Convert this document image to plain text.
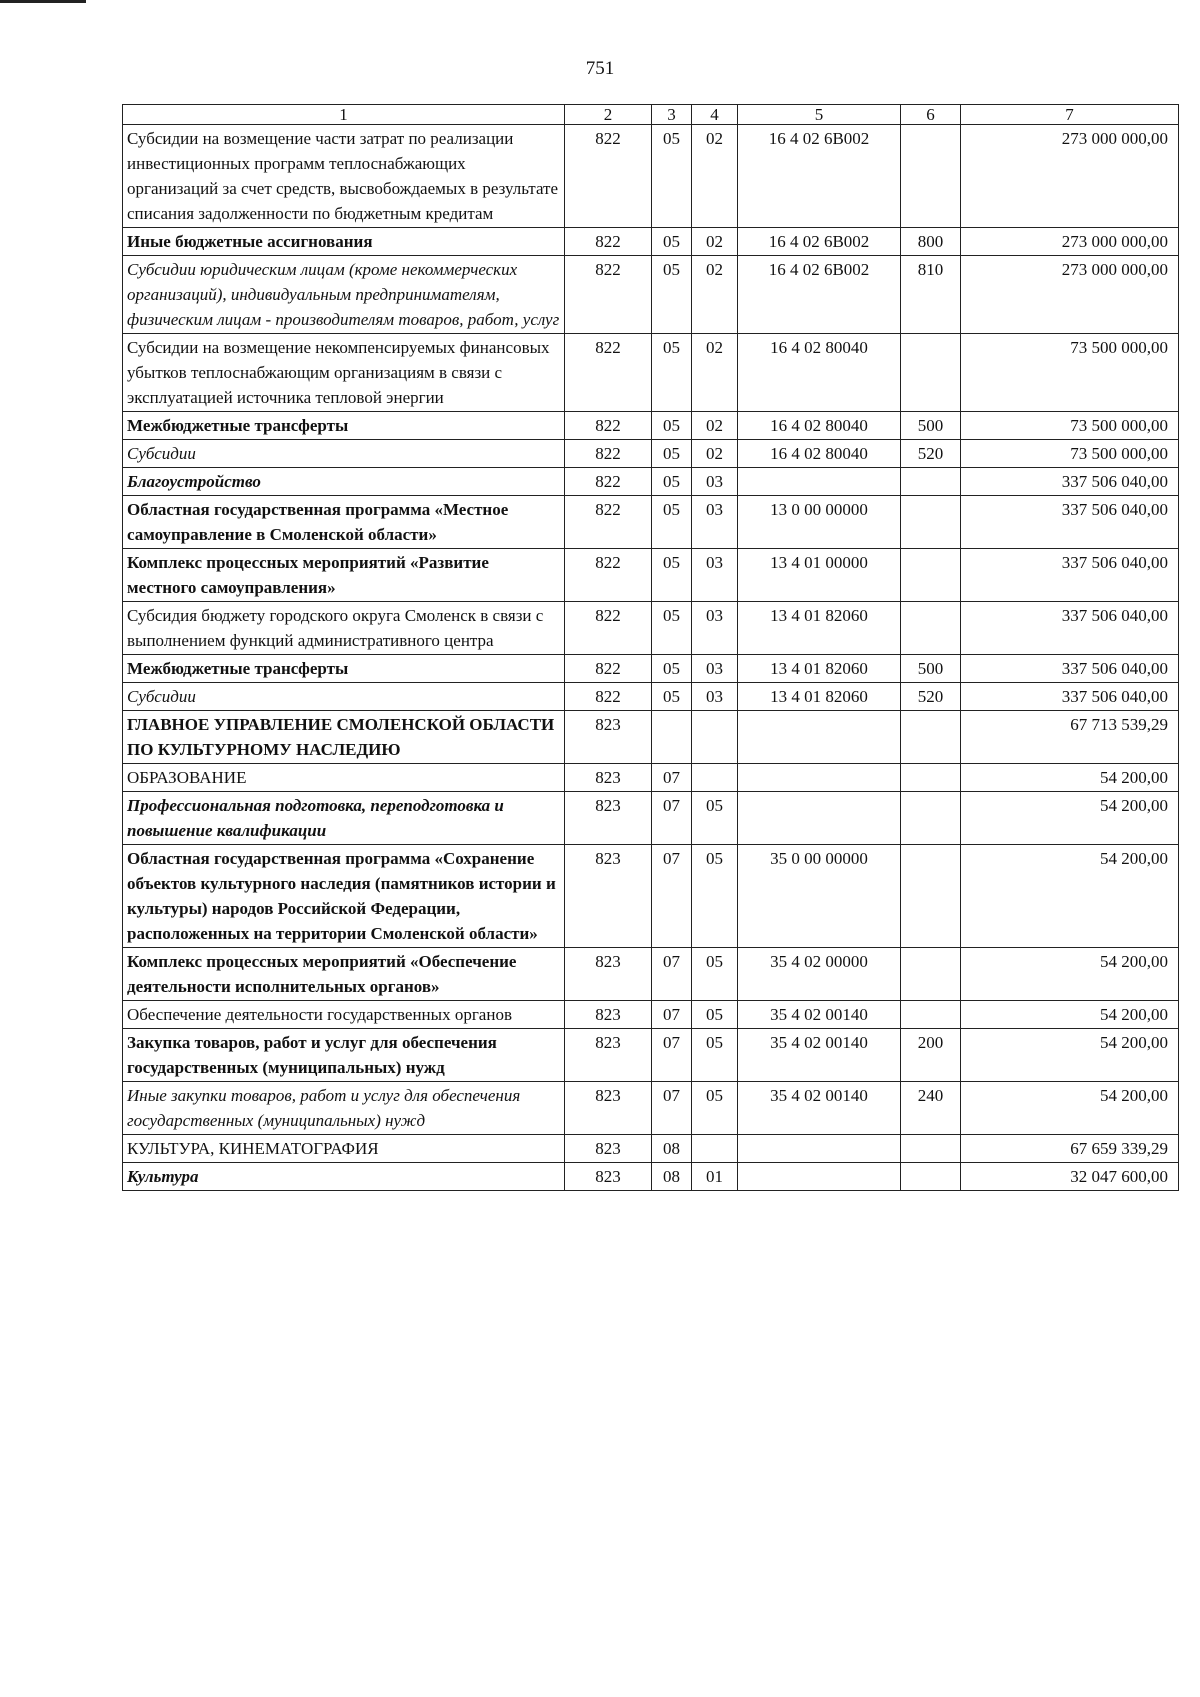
751
1	2	3	4	5	6	7
Субсидии на возмещение части затрат по реализации инвестиционных программ теплоснабжающих организаций за счет средств, высвобождаемых в результате списания задолженности по бюджетным кредитам	822	05	02	16 4 02 6В002		273 000 000,00
Иные бюджетные ассигнования	822	05	02	16 4 02 6В002	800	273 000 000,00
Субсидии юридическим лицам (кроме некоммерческих организаций), индивидуальным предпринимателям, физическим лицам - производителям товаров, работ, услуг	822	05	02	16 4 02 6В002	810	273 000 000,00
Субсидии на возмещение некомпенсируемых финансовых убытков теплоснабжающим организациям в связи с эксплуатацией источника тепловой энергии	822	05	02	16 4 02 80040		73 500 000,00
Межбюджетные трансферты	822	05	02	16 4 02 80040	500	73 500 000,00
Субсидии	822	05	02	16 4 02 80040	520	73 500 000,00
Благоустройство	822	05	03			337 506 040,00
Областная государственная программа «Местное самоуправление в Смоленской области»	822	05	03	13 0 00 00000		337 506 040,00
Комплекс процессных мероприятий «Развитие местного самоуправления»	822	05	03	13 4 01 00000		337 506 040,00
Субсидия бюджету городского округа Смоленск в связи с выполнением функций административного центра	822	05	03	13 4 01 82060		337 506 040,00
Межбюджетные трансферты	822	05	03	13 4 01 82060	500	337 506 040,00
Субсидии	822	05	03	13 4 01 82060	520	337 506 040,00
ГЛАВНОЕ УПРАВЛЕНИЕ СМОЛЕНСКОЙ ОБЛАСТИ ПО КУЛЬТУРНОМУ НАСЛЕДИЮ	823					67 713 539,29
ОБРАЗОВАНИЕ	823	07				54 200,00
Профессиональная подготовка, переподготовка и повышение квалификации	823	07	05			54 200,00
Областная государственная программа «Сохранение объектов культурного наследия (памятников истории и культуры) народов Российской Федерации, расположенных на территории Смоленской области»	823	07	05	35 0 00 00000		54 200,00
Комплекс процессных мероприятий «Обеспечение деятельности исполнительных органов»	823	07	05	35 4 02 00000		54 200,00
Обеспечение деятельности государственных органов	823	07	05	35 4 02 00140		54 200,00
Закупка товаров, работ и услуг для обеспечения государственных (муниципальных) нужд	823	07	05	35 4 02 00140	200	54 200,00
Иные закупки товаров, работ и услуг для обеспечения государственных (муниципальных) нужд	823	07	05	35 4 02 00140	240	54 200,00
КУЛЬТУРА, КИНЕМАТОГРАФИЯ	823	08				67 659 339,29
Культура	823	08	01			32 047 600,00
